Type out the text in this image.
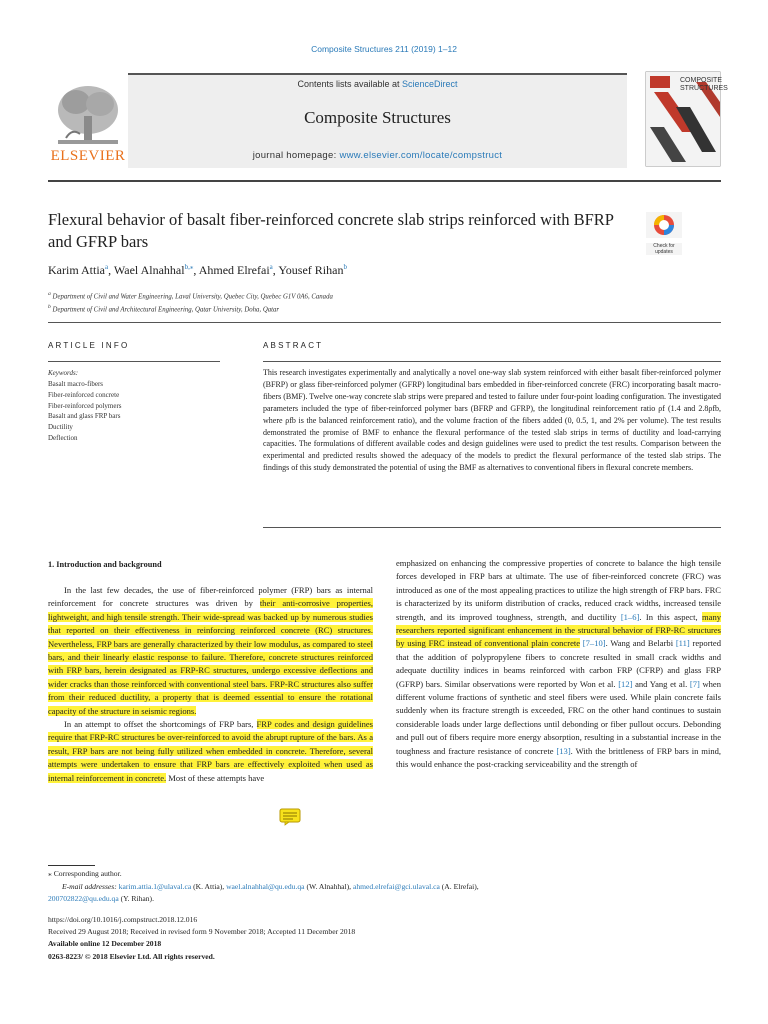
Composite Structures 211 (2019) 1–12
Contents lists available at ScienceDirect
Composite Structures
journal homepage: www.elsevier.com/locate/compstruct
ELSEVIER
COMPOSITE
STRUCTURES
Flexural behavior of basalt fiber-reinforced concrete slab strips reinforced with BFRP and GFRP bars	Check for
updates
Karim Attia$^a$, Wael Alnahhal$^{b,⁎}$, Ahmed Elrefai$^a$, Yousef Rihan$^b$
$^a$ Department of Civil and Water Engineering, Laval University, Quebec City, Quebec G1V 0A6, Canada
$^b$ Department of Civil and Architectural Engineering, Qatar University, Doha, Qatar
ARTICLE INFO
Keywords:
Basalt macro-fibers
Fiber-reinforced concrete
Fiber-reinforced polymers
Basalt and glass FRP bars
Ductility
Deflection
ABSTRACT
This research investigates experimentally and analytically a novel one-way slab system reinforced with either basalt fiber-reinforced polymer (BFRP) or glass fiber-reinforced polymer (GFRP) longitudinal bars embedded in fiber-reinforced concrete (FRC) incorporating basalt macro-fibers (BMF). Twelve one-way concrete slab strips were prepared and tested to failure under four-point loading configuration. The investigated parameters included the type of fiber-reinforced polymer bars (BFRP and GFRP), the longitudinal reinforcement ratio ρf (1.4 and 2.8ρfb, where ρfb is the balanced reinforcement ratio), and the volume fraction of the fibers added (0, 0.5, 1, and 2% per volume). The test results demonstrated the promise of BMF to enhance the flexural performance of the tested slab strips in terms of ductility and load-carrying capacities. The formulations of different available codes and design guidelines were used to predict the test results. Comparison between the experimental and predicted results showed the adequacy of the models to predict the flexural performance of the tested slab strips. The findings of this study demonstrated the potential of using the BMF as alternatives to conventional fibers in flexural concrete members.
1. Introduction and background

In the last few decades, the use of fiber-reinforced polymer (FRP) bars as internal reinforcement for concrete structures was driven by their anti-corrosive properties, lightweight, and high tensile strength. Their wide-spread was backed up by numerous studies that reported on their effectiveness in reinforcing reinforced concrete (RC) structures. Nevertheless, FRP bars are generally characterized by their low modulus, as compared to steel bars, and their linearly elastic response to failure. Therefore, concrete structures reinforced with FRP bars, herein designated as FRP-RC structures, undergo excessive deflections and wider cracks than those reinforced with conventional steel bars. FRP-RC structures also suffer from their reduced ductility, a property that is deemed essential to ensure the rotational capacity of the structure in seismic regions.

In an attempt to offset the shortcomings of FRP bars, FRP codes and design guidelines require that FRP-RC structures be over-reinforced to avoid the abrupt rupture of the bars. As a result, FRP bars are not being fully utilized when embedded in concrete. Therefore, several attempts were undertaken to ensure that FRP bars are effectively exploited when used as internal reinforcement in concrete. Most of these attempts have

emphasized on enhancing the compressive properties of concrete to balance the high tensile forces developed in FRP bars at ultimate. The use of fiber-reinforced concrete (FRC) was introduced as one of the most appealing practices to utilize the high strength of FRP bars. FRC is characterized by its uniform distribution of cracks, reduced crack widths, increased tensile strength, and its improved toughness, strength, and ductility [1–6]. In this aspect, many researchers reported significant enhancement in the structural behavior of FRP-RC structures by using FRC instead of conventional plain concrete [7–10]. Wang and Belarbi [11] reported that the addition of polypropylene fibers to concrete resulted in small crack widths and adequate ductility indices in beams reinforced with carbon FRP (CFRP) and glass FRP (GFRP) bars. Similar observations were reported by Won et al. [12] and Yang et al. [7] when different volume fractions of synthetic and steel fibers were used. While plain concrete fails suddenly when its fracture strength is exceeded, FRC on the other hand continues to sustain considerable loads under large deflections until debonding or fiber pullout occurs. Debonding and pull out of fibers require more energy absorption, resulting in a substantial increase in the toughness and fracture resistance of concrete [13]. With the brittleness of FRP bars in mind, this would enhance the post-cracking serviceability and the strength of

⁎ Corresponding author.
E-mail addresses: karim.attia.1@ulaval.ca (K. Attia), wael.alnahhal@qu.edu.qa (W. Alnahhal), ahmed.elrefai@gci.ulaval.ca (A. Elrefai),
200702822@qu.edu.qa (Y. Rihan).
https://doi.org/10.1016/j.compstruct.2018.12.016
Received 29 August 2018; Received in revised form 9 November 2018; Accepted 11 December 2018
Available online 12 December 2018
0263-8223/ © 2018 Elsevier Ltd. All rights reserved.
